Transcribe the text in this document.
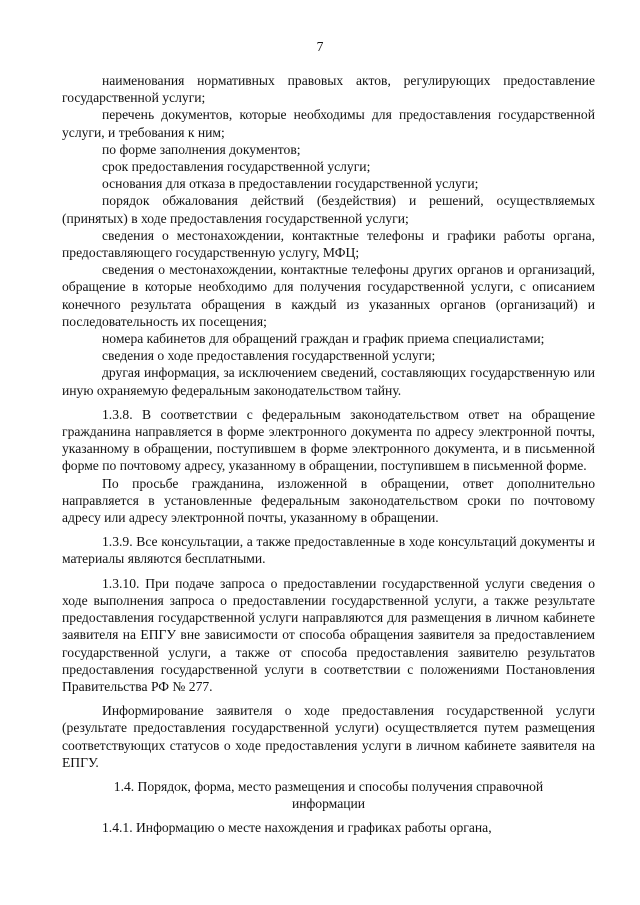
7

наименования нормативных правовых актов, регулирующих предоставление государственной услуги;

перечень документов, которые необходимы для предоставления государственной услуги, и требования к ним;

по форме заполнения документов;

срок предоставления государственной услуги;

основания для отказа в предоставлении государственной услуги;

порядок обжалования действий (бездействия) и решений, осуществляемых (принятых) в ходе предоставления государственной услуги;

сведения о местонахождении, контактные телефоны и графики работы органа, предоставляющего государственную услугу, МФЦ;

сведения о местонахождении, контактные телефоны других органов и организаций, обращение в которые необходимо для получения государственной услуги, с описанием конечного результата обращения в каждый из указанных органов (организаций) и последовательность их посещения;

номера кабинетов для обращений граждан и график приема специалистами;

сведения о ходе предоставления государственной услуги;

другая информация, за исключением сведений, составляющих государственную или иную охраняемую федеральным законодательством тайну.

1.3.8. В соответствии с федеральным законодательством ответ на обращение гражданина направляется в форме электронного документа по адресу электронной почты, указанному в обращении, поступившем в форме электронного документа, и в письменной форме по почтовому адресу, указанному в обращении, поступившем в письменной форме.

По просьбе гражданина, изложенной в обращении, ответ дополнительно направляется в установленные федеральным законодательством сроки по почтовому адресу или адресу электронной почты, указанному в обращении.

1.3.9. Все консультации, а также предоставленные в ходе консультаций документы и материалы являются бесплатными.

1.3.10. При подаче запроса о предоставлении государственной услуги сведения о ходе выполнения запроса о предоставлении государственной услуги, а также результате предоставления государственной услуги направляются для размещения в личном кабинете заявителя на ЕПГУ вне зависимости от способа обращения заявителя за предоставлением государственной услуги, а также от способа предоставления заявителю результатов предоставления государственной услуги в соответствии с положениями Постановления Правительства РФ № 277.

Информирование заявителя о ходе предоставления государственной услуги (результате предоставления государственной услуги) осуществляется путем размещения соответствующих статусов о ходе предоставления услуги в личном кабинете заявителя на ЕПГУ.

1.4. Порядок, форма, место размещения и способы получения справочной информации

1.4.1. Информацию о месте нахождения и графиках работы органа,
